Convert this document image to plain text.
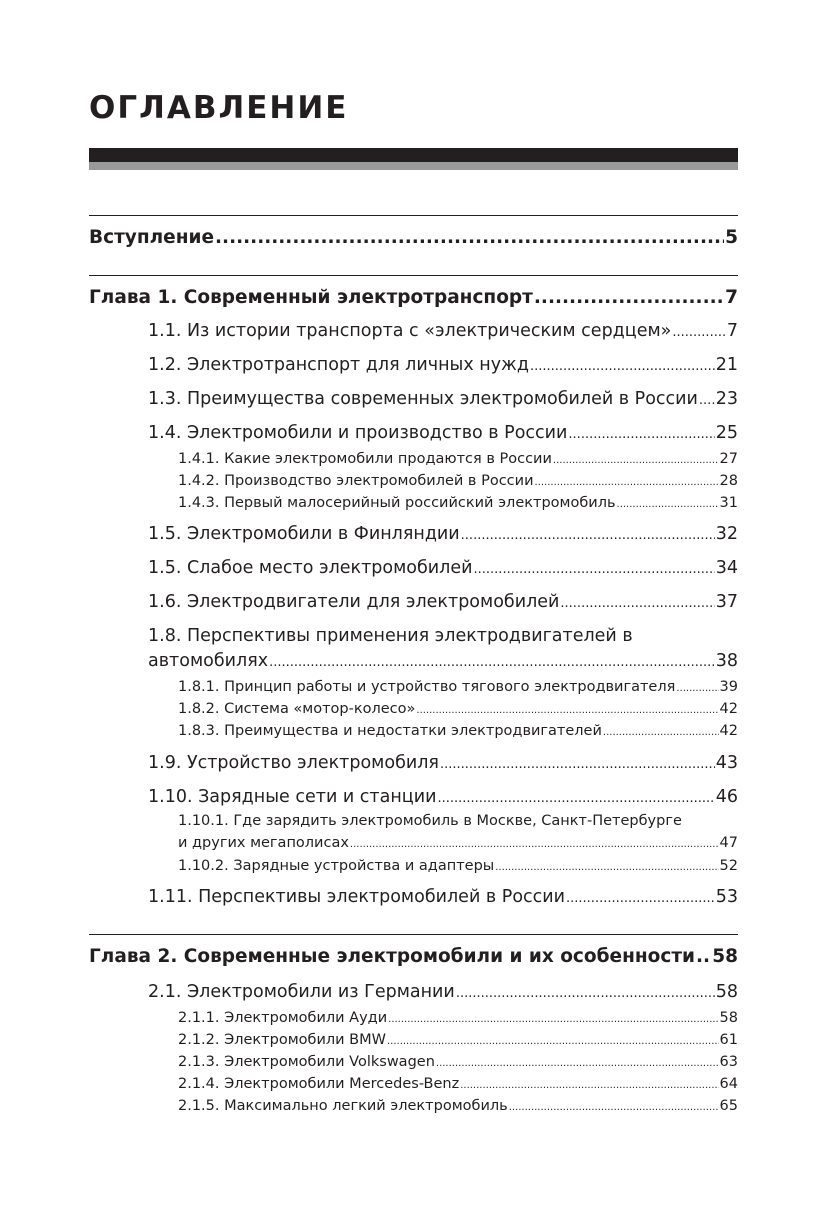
ОГЛАВЛЕНИЕ
Вступление .....	5
Глава 1. Современный электротранспорт .....	7
1.1. Из истории транспорта с «электрическим сердцем» .....	7
1.2. Электротранспорт для личных нужд .....	21
1.3. Преимущества современных электромобилей в России ..... 23
1.4. Электромобили и производство в России .....	25
1.4.1. Какие электромобили продаются в России .....	27
1.4.2. Производство электромобилей в России .....	28
1.4.3. Первый малосерийный российский электромобиль .....	31
1.5. Электромобили в Финляндии .....	32
1.5. Слабое место электромобилей .....	34
1.6. Электродвигатели для электромобилей .....	37
1.8. Перспективы применения электродвигателей в
автомобилях .....	38
1.8.1. Принцип работы и устройство тягового электродвигателя .....	39
1.8.2. Система «мотор-колесо» .....	42
1.8.3. Преимущества и недостатки электродвигателей .....	42
1.9. Устройство электромобиля .....	43
1.10. Зарядные сети и станции .....	46
1.10.1. Где зарядить электромобиль в Москве, Санкт-Петербурге
и других мегаполисах .....	47
1.10.2. Зарядные устройства и адаптеры .....	52
1.11. Перспективы электромобилей в России .....	53
Глава 2. Современные электромобили и их особенности ..... 58
2.1. Электромобили из Германии .....	58
2.1.1. Электромобили Ауди .....	58
2.1.2. Электромобили BMW .....	61
2.1.3. Электромобили Volkswagen .....	63
2.1.4. Электромобили Mercedes-Benz .....	64
2.1.5. Максимально легкий электромобиль .....	65
